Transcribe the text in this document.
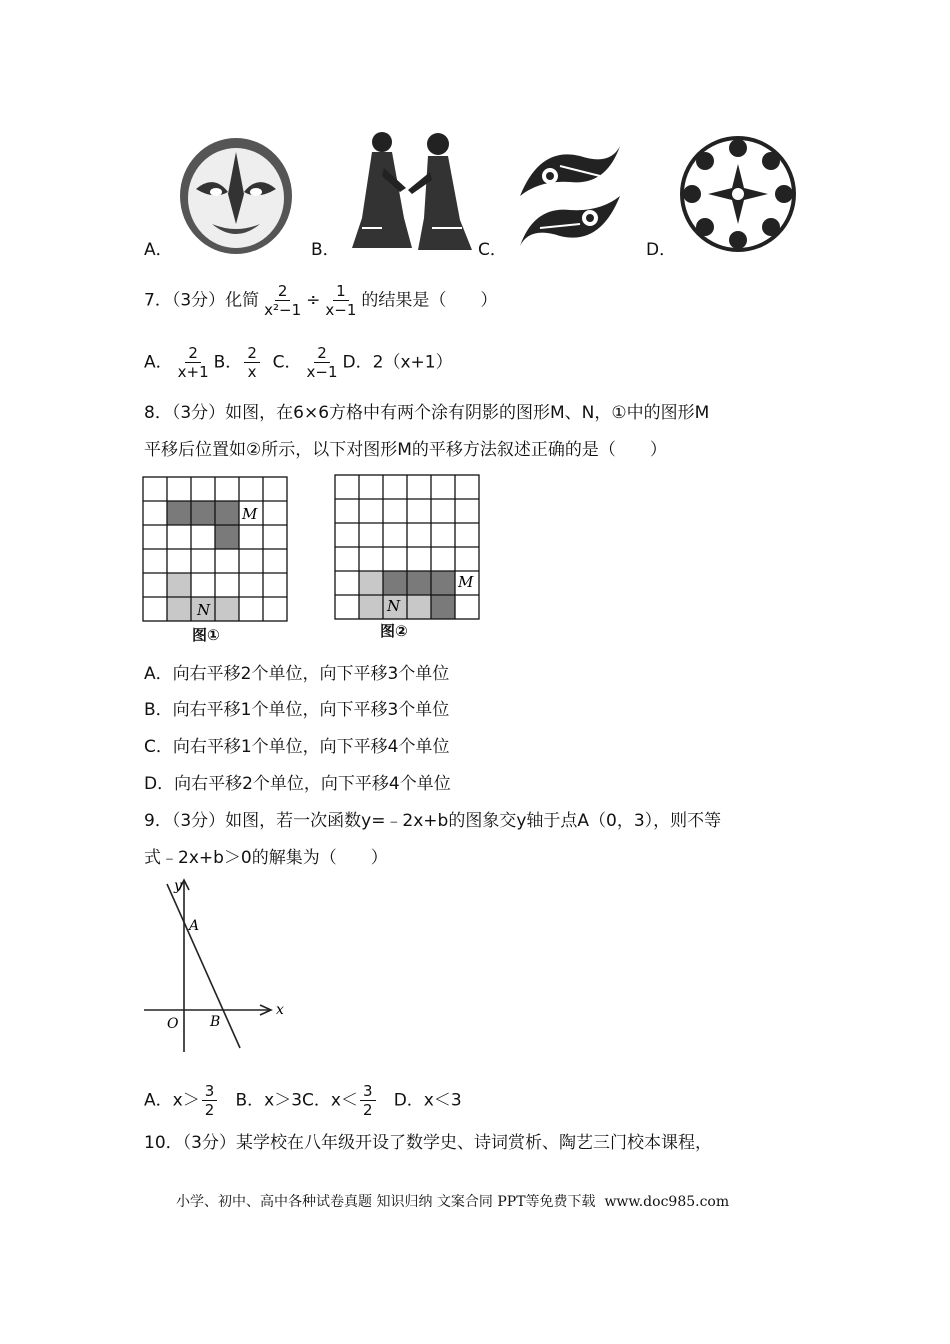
A．	B．	C．	D．
7．（3分）化简 $\frac{2}{\text{x²−1}} \div \frac{1}{x-1}$ 的结果是（　　）
A． $\frac{2}{x+1}$ B． $\frac{2}{x}$ C． $\frac{2}{x-1}$ D．2（x+1）
8．（3分）如图，在6×6方格中有两个涂有阴影的图形M、N，①中的图形M
平移后位置如②所示，以下对图形M的平移方法叙述正确的是（　　）
M
N
图①
M
N
图②
A．向右平移2个单位，向下平移3个单位
B．向右平移1个单位，向下平移3个单位
C．向右平移1个单位，向下平移4个单位
D．向右平移2个单位，向下平移4个单位
9．（3分）如图，若一次函数y=﹣2x+b的图象交y轴于点A（0，3），则不等
式﹣2x+b＞0的解集为（　　）
y
x
A
B
O
A．$x> \frac{3}{2}$ B．x＞3C．$x< \frac{3}{2}$ D．x＜3
10．（3分）某学校在八年级开设了数学史、诗词赏析、陶艺三门校本课程，
小学、初中、高中各种试卷真题 知识归纳 文案合同 PPT等免费下载 www.doc985.com
